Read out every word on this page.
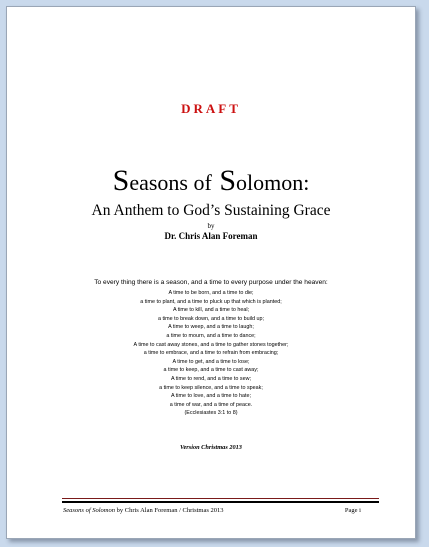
DRAFT
Seasons of Solomon:
An Anthem to God’s Sustaining Grace
by
Dr. Chris Alan Foreman
To every thing there is a season, and a time to every purpose under the heaven:
A time to be born, and a time to die;
a time to plant, and a time to pluck up that which is planted;
A time to kill, and a time to heal;
a time to break down, and a time to build up;
A time to weep, and a time to laugh;
a time to mourn, and a time to dance;
A time to cast away stones, and a time to gather stones together;
a time to embrace, and a time to refrain from embracing;
A time to get, and a time to lose;
a time to keep, and a time to cast away;
A time to rend, and a time to sew;
a time to keep silence, and a time to speak;
A time to love, and a time to hate;
a time of war, and a time of peace.
(Ecclesiastes 3:1 to 8)
Version Christmas 2013
Seasons of Solomon by Chris Alan Foreman / Christmas 2013	Page i
